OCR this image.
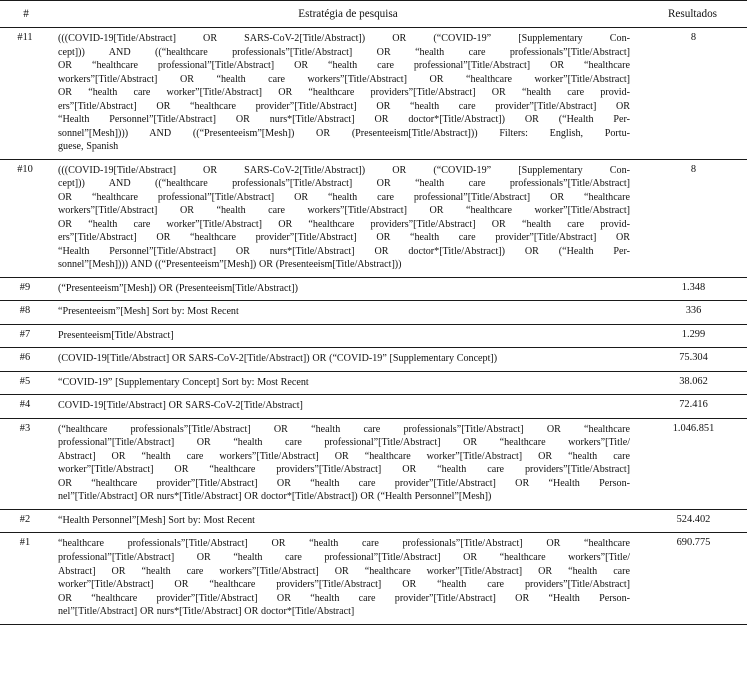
#	Estratégia de pesquisa	Resultados
#11	(((COVID-19[Title/Abstract] OR SARS-CoV-2[Title/Abstract]) OR (“COVID-19” [Supplementary Con-
cept])) AND ((“healthcare professionals”[Title/Abstract] OR “health care professionals”[Title/Abstract]
OR “healthcare professional”[Title/Abstract] OR “health care professional”[Title/Abstract] OR “healthcare
workers”[Title/Abstract] OR “health care workers”[Title/Abstract] OR “healthcare worker”[Title/Abstract]
OR “health care worker”[Title/Abstract] OR “healthcare providers”[Title/Abstract] OR “health care provid-
ers”[Title/Abstract] OR “healthcare provider”[Title/Abstract] OR “health care provider”[Title/Abstract] OR
“Health Personnel”[Title/Abstract] OR nurs*[Title/Abstract] OR doctor*[Title/Abstract]) OR (“Health Per-
sonnel”[Mesh]))) AND ((“Presenteeism”[Mesh]) OR (Presenteeism[Title/Abstract])) Filters: English, Portu-
guese, Spanish
	8
#10	(((COVID-19[Title/Abstract] OR SARS-CoV-2[Title/Abstract]) OR (“COVID-19” [Supplementary Con-
cept])) AND ((“healthcare professionals”[Title/Abstract] OR “health care professionals”[Title/Abstract]
OR “healthcare professional”[Title/Abstract] OR “health care professional”[Title/Abstract] OR “healthcare
workers”[Title/Abstract] OR “health care workers”[Title/Abstract] OR “healthcare worker”[Title/Abstract]
OR “health care worker”[Title/Abstract] OR “healthcare providers”[Title/Abstract] OR “health care provid-
ers”[Title/Abstract] OR “healthcare provider”[Title/Abstract] OR “health care provider”[Title/Abstract] OR
“Health Personnel”[Title/Abstract] OR nurs*[Title/Abstract] OR doctor*[Title/Abstract]) OR (“Health Per-
sonnel”[Mesh]))) AND ((“Presenteeism”[Mesh]) OR (Presenteeism[Title/Abstract]))
	8
#9	(“Presenteeism”[Mesh]) OR (Presenteeism[Title/Abstract])	1.348
#8	“Presenteeism”[Mesh] Sort by: Most Recent	336
#7	Presenteeism[Title/Abstract]	1.299
#6	(COVID-19[Title/Abstract] OR SARS-CoV-2[Title/Abstract]) OR (“COVID-19” [Supplementary Concept])	75.304
#5	“COVID-19” [Supplementary Concept] Sort by: Most Recent	38.062
#4	COVID-19[Title/Abstract] OR SARS-CoV-2[Title/Abstract]	72.416
#3	(“healthcare professionals”[Title/Abstract] OR “health care professionals”[Title/Abstract] OR “healthcare
professional”[Title/Abstract] OR “health care professional”[Title/Abstract] OR “healthcare workers”[Title/
Abstract] OR “health care workers”[Title/Abstract] OR “healthcare worker”[Title/Abstract] OR “health care
worker”[Title/Abstract] OR “healthcare providers”[Title/Abstract] OR “health care providers”[Title/Abstract]
OR “healthcare provider”[Title/Abstract] OR “health care provider”[Title/Abstract] OR “Health Person-
nel”[Title/Abstract] OR nurs*[Title/Abstract] OR doctor*[Title/Abstract]) OR (“Health Personnel”[Mesh])
	1.046.851
#2	“Health Personnel”[Mesh] Sort by: Most Recent	524.402
#1	“healthcare professionals”[Title/Abstract] OR “health care professionals”[Title/Abstract] OR “healthcare
professional”[Title/Abstract] OR “health care professional”[Title/Abstract] OR “healthcare workers”[Title/
Abstract] OR “health care workers”[Title/Abstract] OR “healthcare worker”[Title/Abstract] OR “health care
worker”[Title/Abstract] OR “healthcare providers”[Title/Abstract] OR “health care providers”[Title/Abstract]
OR “healthcare provider”[Title/Abstract] OR “health care provider”[Title/Abstract] OR “Health Person-
nel”[Title/Abstract] OR nurs*[Title/Abstract] OR doctor*[Title/Abstract]
	690.775
